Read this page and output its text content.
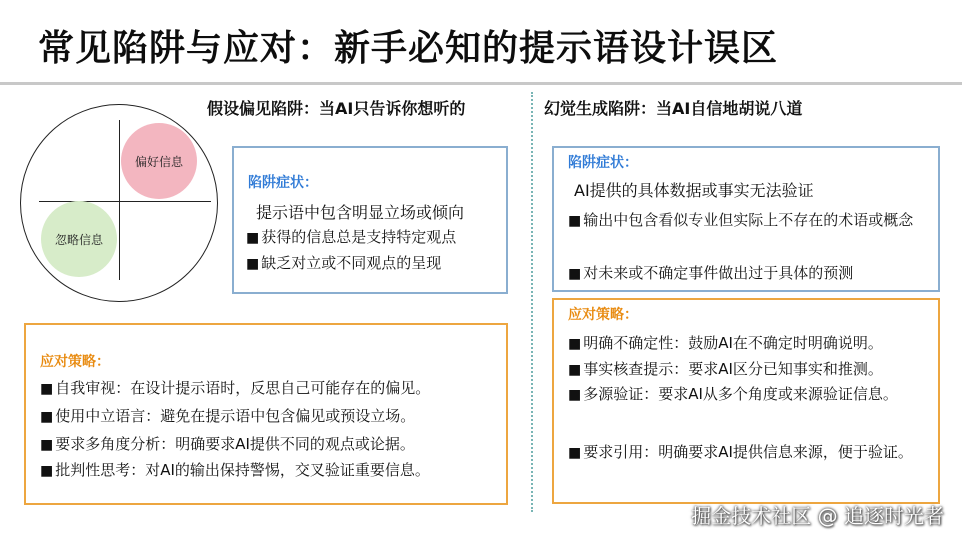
常见陷阱与应对：新手必知的提示语设计误区
假设偏见陷阱：当AI只告诉你想听的	幻觉生成陷阱：当AI自信地胡说八道
偏好信息
忽略信息
陷阱症状：
提示语中包含明显立场或倾向
■ 获得的信息总是支持特定观点
■ 缺乏对立或不同观点的呈现
应对策略：
■ 自我审视：在设计提示语时，反思自己可能存在的偏见。
■ 使用中立语言：避免在提示语中包含偏见或预设立场。
■ 要求多角度分析：明确要求AI提供不同的观点或论据。
■ 批判性思考：对AI的输出保持警惕，交叉验证重要信息。
陷阱症状：
AI提供的具体数据或事实无法验证
■ 输出中包含看似专业但实际上不存在的术语或概念
■ 对未来或不确定事件做出过于具体的预测
应对策略：
■ 明确不确定性：鼓励AI在不确定时明确说明。
■ 事实核查提示：要求AI区分已知事实和推测。
■ 多源验证：要求AI从多个角度或来源验证信息。
■ 要求引用：明确要求AI提供信息来源，便于验证。
掘金技术社区 @ 追逐时光者
